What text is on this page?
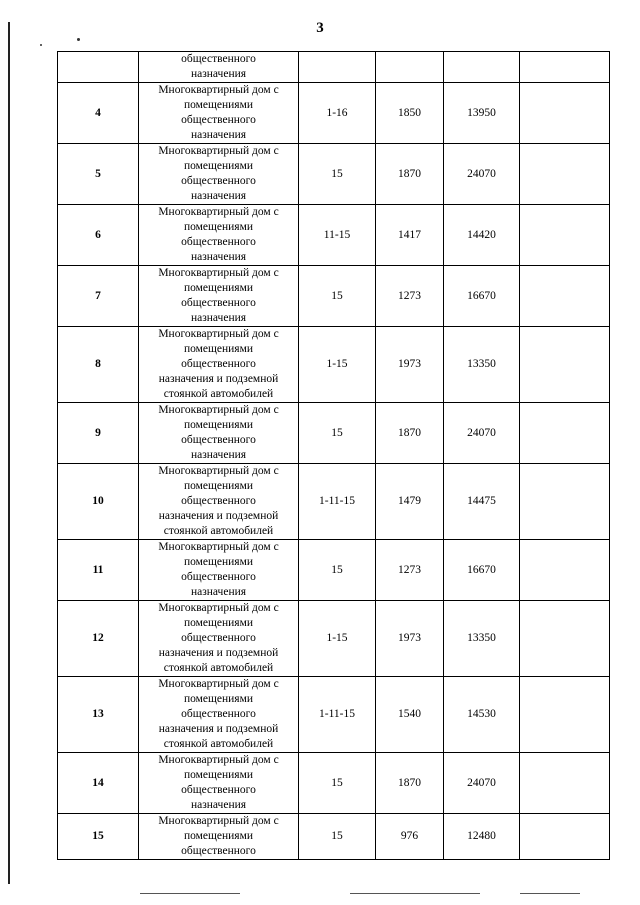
3
	общественного
назначения				
4	Многоквартирный дом с
помещениями
общественного
назначения	1-16	1850	13950	
5	Многоквартирный дом с
помещениями
общественного
назначения	15	1870	24070	
6	Многоквартирный дом с
помещениями
общественного
назначения	11-15	1417	14420	
7	Многоквартирный дом с
помещениями
общественного
назначения	15	1273	16670	
8	Многоквартирный дом с
помещениями
общественного
назначения и подземной
стоянкой автомобилей	1-15	1973	13350	
9	Многоквартирный дом с
помещениями
общественного
назначения	15	1870	24070	
10	Многоквартирный дом с
помещениями
общественного
назначения и подземной
стоянкой автомобилей	1-11-15	1479	14475	
11	Многоквартирный дом с
помещениями
общественного
назначения	15	1273	16670	
12	Многоквартирный дом с
помещениями
общественного
назначения и подземной
стоянкой автомобилей	1-15	1973	13350	
13	Многоквартирный дом с
помещениями
общественного
назначения и подземной
стоянкой автомобилей	1-11-15	1540	14530	
14	Многоквартирный дом с
помещениями
общественного
назначения	15	1870	24070	
15	Многоквартирный дом с
помещениями
общественного	15	976	12480	
